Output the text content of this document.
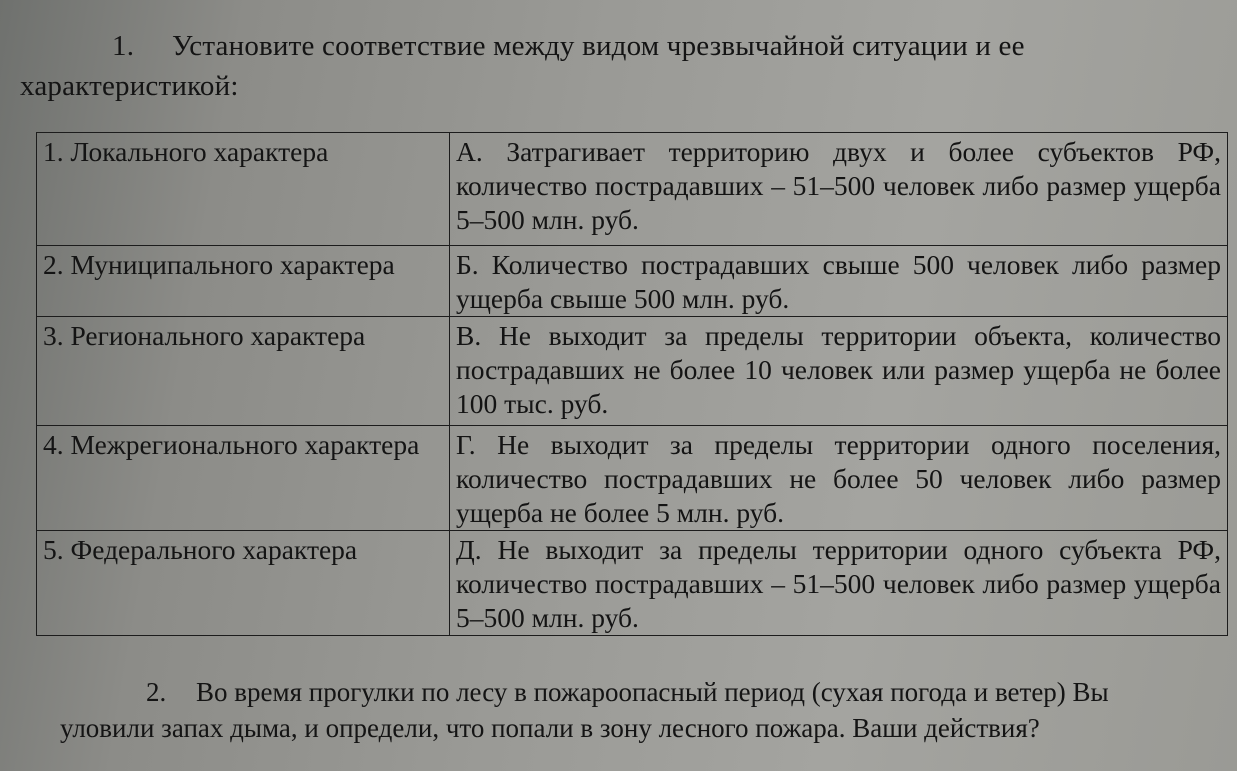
1. Установите соответствие между видом чрезвычайной ситуации и ее
характеристикой:
1. Локального характера	А. Затрагивает территорию двух и более субъектов РФ, количество пострадавших – 51–500 человек либо размер ущерба 5–500 млн. руб.
2. Муниципального характера	Б. Количество пострадавших свыше 500 человек либо размер ущерба свыше 500 млн. руб.
3. Регионального характера	В. Не выходит за пределы территории объекта, количество пострадавших не более 10 человек или размер ущерба не более 100 тыс. руб.
4. Межрегионального характера	Г. Не выходит за пределы территории одного поселения, количество пострадавших не более 50 человек либо размер ущерба не более 5 млн. руб.
5. Федерального характера	Д. Не выходит за пределы территории одного субъекта РФ, количество пострадавших – 51–500 человек либо размер ущерба 5–500 млн. руб.
2. Во время прогулки по лесу в пожароопасный период (сухая погода и ветер) Вы
уловили запах дыма, и определи, что попали в зону лесного пожара. Ваши действия?
